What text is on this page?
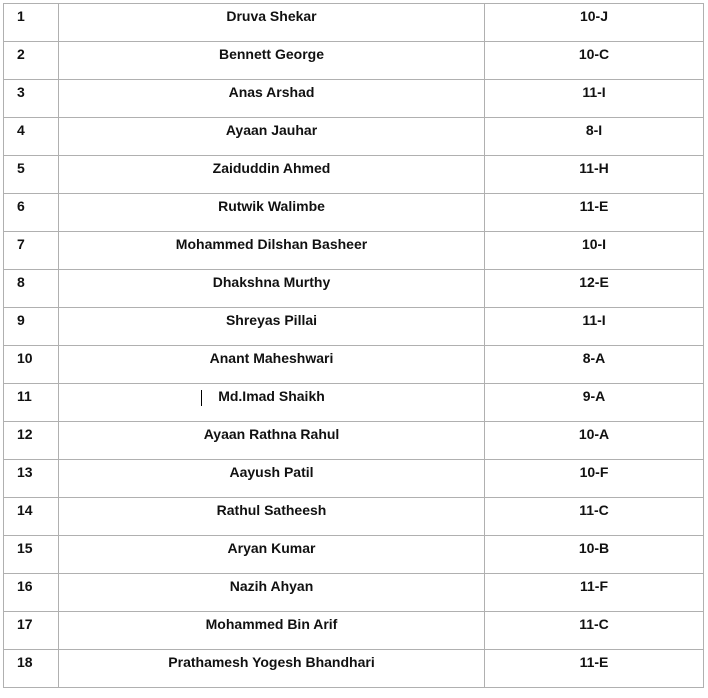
1	Druva Shekar	10-J
2	Bennett George	10-C
3	Anas Arshad	11-I
4	Ayaan Jauhar	8-I
5	Zaiduddin Ahmed	11-H
6	Rutwik Walimbe	11-E
7	Mohammed Dilshan Basheer	10-I
8	Dhakshna Murthy	12-E
9	Shreyas Pillai	11-I
10	Anant Maheshwari	8-A
11	Md.Imad Shaikh	9-A
12	Ayaan Rathna Rahul	10-A
13	Aayush Patil	10-F
14	Rathul Satheesh	11-C
15	Aryan Kumar	10-B
16	Nazih Ahyan	11-F
17	Mohammed Bin Arif	11-C
18	Prathamesh Yogesh Bhandhari	11-E
